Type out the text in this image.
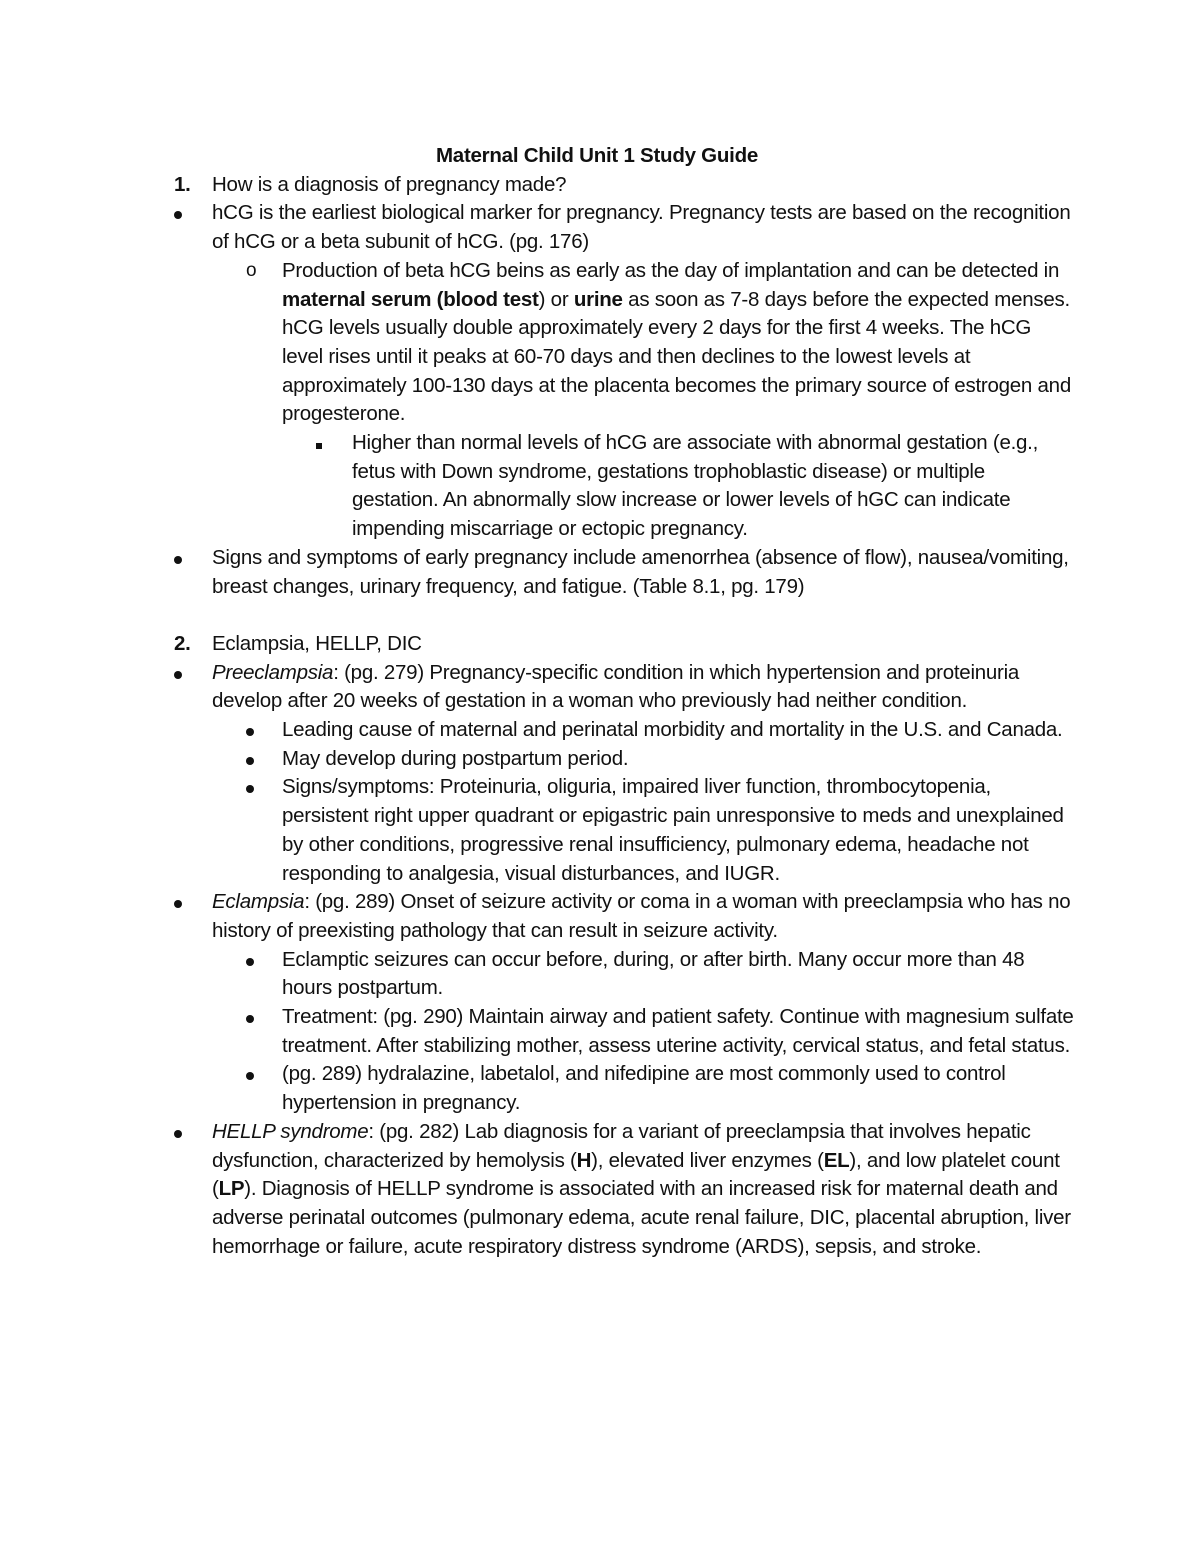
Maternal Child Unit 1 Study Guide
1. How is a diagnosis of pregnancy made?
hCG is the earliest biological marker for pregnancy. Pregnancy tests are based on the recognition of hCG or a beta subunit of hCG. (pg. 176)
o Production of beta hCG beins as early as the day of implantation and can be detected in maternal serum (blood test) or urine as soon as 7-8 days before the expected menses. hCG levels usually double approximately every 2 days for the first 4 weeks. The hCG level rises until it peaks at 60-70 days and then declines to the lowest levels at approximately 100-130 days at the placenta becomes the primary source of estrogen and progesterone.
Higher than normal levels of hCG are associate with abnormal gestation (e.g., fetus with Down syndrome, gestations trophoblastic disease) or multiple gestation. An abnormally slow increase or lower levels of hGC can indicate impending miscarriage or ectopic pregnancy.
Signs and symptoms of early pregnancy include amenorrhea (absence of flow), nausea/vomiting, breast changes, urinary frequency, and fatigue. (Table 8.1, pg. 179)
2. Eclampsia, HELLP, DIC
Preeclampsia: (pg. 279) Pregnancy-specific condition in which hypertension and proteinuria develop after 20 weeks of gestation in a woman who previously had neither condition.
Leading cause of maternal and perinatal morbidity and mortality in the U.S. and Canada.
May develop during postpartum period.
Signs/symptoms: Proteinuria, oliguria, impaired liver function, thrombocytopenia, persistent right upper quadrant or epigastric pain unresponsive to meds and unexplained by other conditions, progressive renal insufficiency, pulmonary edema, headache not responding to analgesia, visual disturbances, and IUGR.
Eclampsia: (pg. 289) Onset of seizure activity or coma in a woman with preeclampsia who has no history of preexisting pathology that can result in seizure activity.
Eclamptic seizures can occur before, during, or after birth. Many occur more than 48 hours postpartum.
Treatment: (pg. 290) Maintain airway and patient safety. Continue with magnesium sulfate treatment. After stabilizing mother, assess uterine activity, cervical status, and fetal status.
(pg. 289) hydralazine, labetalol, and nifedipine are most commonly used to control hypertension in pregnancy.
HELLP syndrome: (pg. 282) Lab diagnosis for a variant of preeclampsia that involves hepatic dysfunction, characterized by hemolysis (H), elevated liver enzymes (EL), and low platelet count (LP). Diagnosis of HELLP syndrome is associated with an increased risk for maternal death and adverse perinatal outcomes (pulmonary edema, acute renal failure, DIC, placental abruption, liver hemorrhage or failure, acute respiratory distress syndrome (ARDS), sepsis, and stroke.
